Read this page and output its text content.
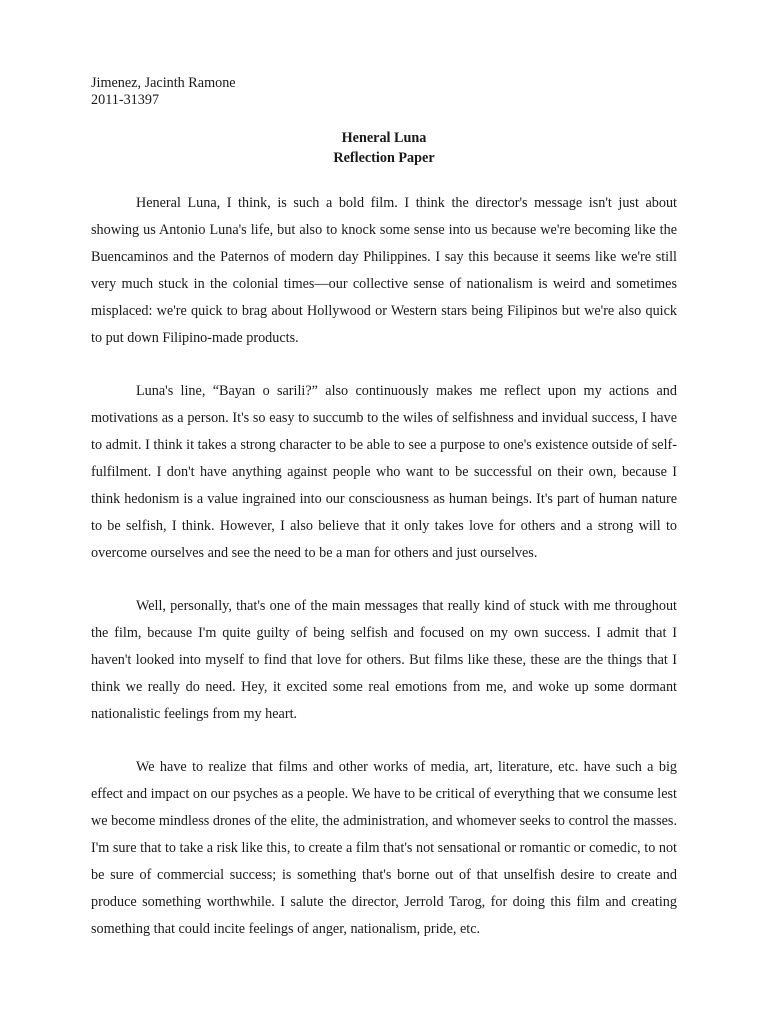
Jimenez, Jacinth Ramone
2011-31397
Heneral Luna
Reflection Paper

Heneral Luna, I think, is such a bold film. I think the director's message isn't just about showing us Antonio Luna's life, but also to knock some sense into us because we're becoming like the Buencaminos and the Paternos of modern day Philippines. I say this because it seems like we're still very much stuck in the colonial times—our collective sense of nationalism is weird and sometimes misplaced: we're quick to brag about Hollywood or Western stars being Filipinos but we're also quick to put down Filipino-made products.

Luna's line, “Bayan o sarili?” also continuously makes me reflect upon my actions and motivations as a person. It's so easy to succumb to the wiles of selfishness and invidual success, I have to admit. I think it takes a strong character to be able to see a purpose to one's existence outside of self-fulfilment. I don't have anything against people who want to be successful on their own, because I think hedonism is a value ingrained into our consciousness as human beings. It's part of human nature to be selfish, I think. However, I also believe that it only takes love for others and a strong will to overcome ourselves and see the need to be a man for others and just ourselves.

Well, personally, that's one of the main messages that really kind of stuck with me throughout the film, because I'm quite guilty of being selfish and focused on my own success. I admit that I haven't looked into myself to find that love for others. But films like these, these are the things that I think we really do need. Hey, it excited some real emotions from me, and woke up some dormant nationalistic feelings from my heart.

We have to realize that films and other works of media, art, literature, etc. have such a big effect and impact on our psyches as a people. We have to be critical of everything that we consume lest we become mindless drones of the elite, the administration, and whomever seeks to control the masses. I'm sure that to take a risk like this, to create a film that's not sensational or romantic or comedic, to not be sure of commercial success; is something that's borne out of that unselfish desire to create and produce something worthwhile. I salute the director, Jerrold Tarog, for doing this film and creating something that could incite feelings of anger, nationalism, pride, etc.
